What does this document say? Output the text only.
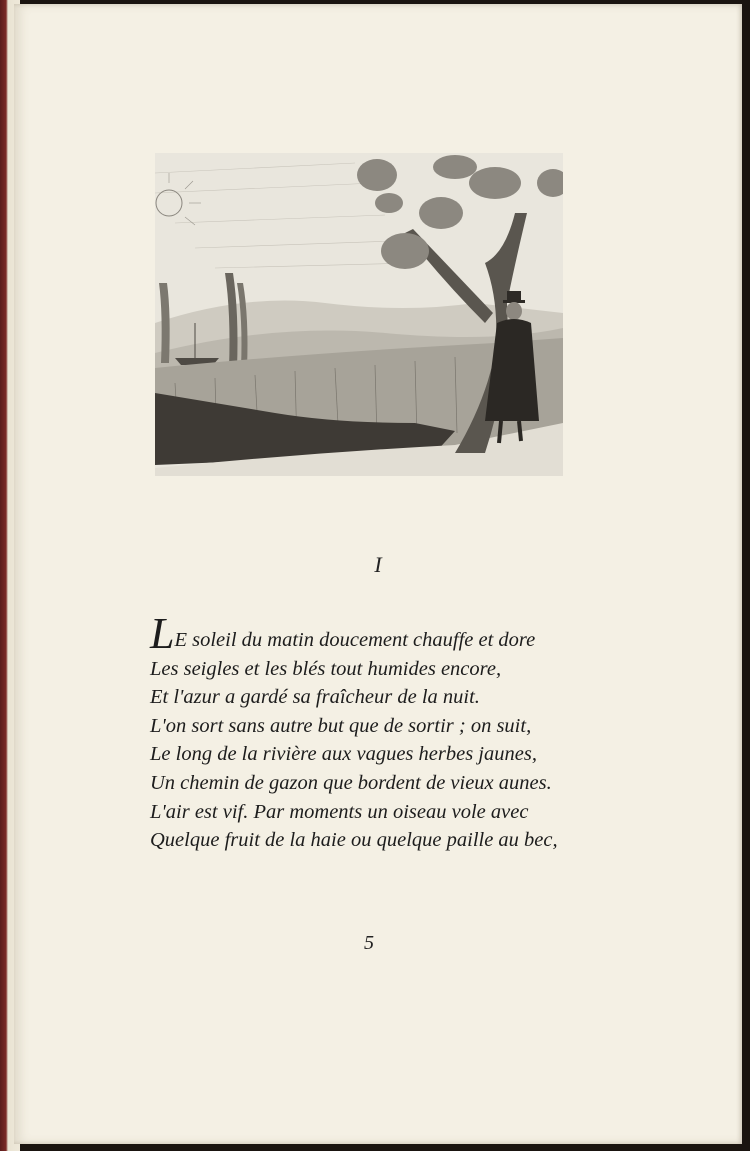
I
LE soleil du matin doucement chauffe et dore
Les seigles et les blés tout humides encore,
Et l'azur a gardé sa fraîcheur de la nuit.
L'on sort sans autre but que de sortir ; on suit,
Le long de la rivière aux vagues herbes jaunes,
Un chemin de gazon que bordent de vieux aunes.
L'air est vif. Par moments un oiseau vole avec
Quelque fruit de la haie ou quelque paille au bec,
5
